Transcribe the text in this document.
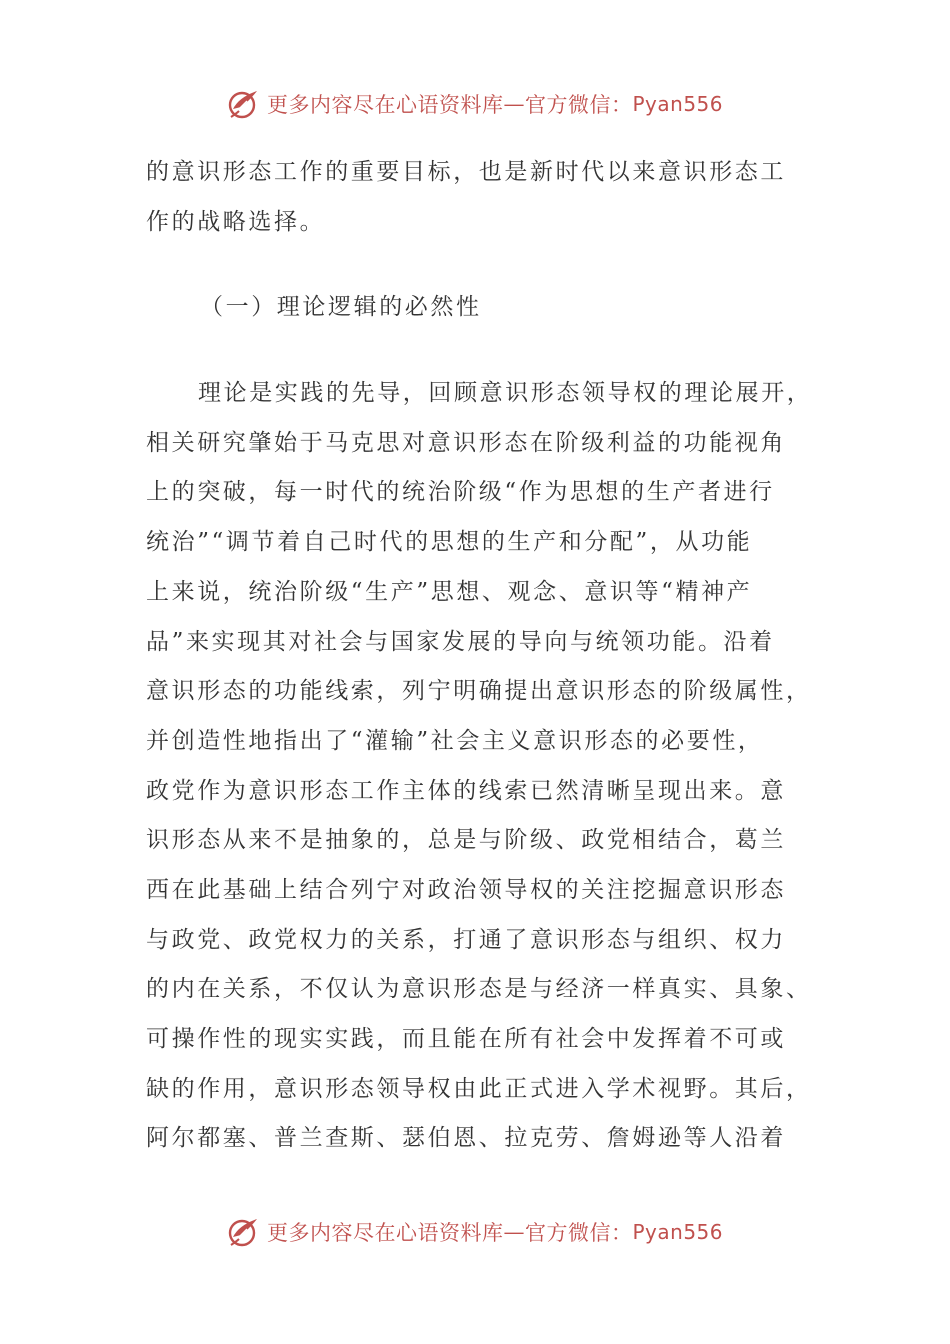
更多内容尽在心语资料库 — 官方微信： Pyan556
的意识形态工作的重要目标，也是新时代以来意识形态工
作的战略选择。
（一）理论逻辑的必然性
理论是实践的先导，回顾意识形态领导权的理论展开，
相关研究肇始于马克思对意识形态在阶级利益的功能视角
上的突破，每一时代的统治阶级“作为思想的生产者进行
统治”“调节着自己时代的思想的生产和分配”，从功能
上来说，统治阶级“生产”思想、观念、意识等“精神产
品”来实现其对社会与国家发展的导向与统领功能。沿着
意识形态的功能线索，列宁明确提出意识形态的阶级属性，
并创造性地指出了“灌输”社会主义意识形态的必要性，
政党作为意识形态工作主体的线索已然清晰呈现出来。意
识形态从来不是抽象的，总是与阶级、政党相结合，葛兰
西在此基础上结合列宁对政治领导权的关注挖掘意识形态
与政党、政党权力的关系，打通了意识形态与组织、权力
的内在关系，不仅认为意识形态是与经济一样真实、具象、
可操作性的现实实践，而且能在所有社会中发挥着不可或
缺的作用，意识形态领导权由此正式进入学术视野。其后，
阿尔都塞、普兰查斯、瑟伯恩、拉克劳、詹姆逊等人沿着
更多内容尽在心语资料库 — 官方微信： Pyan556
